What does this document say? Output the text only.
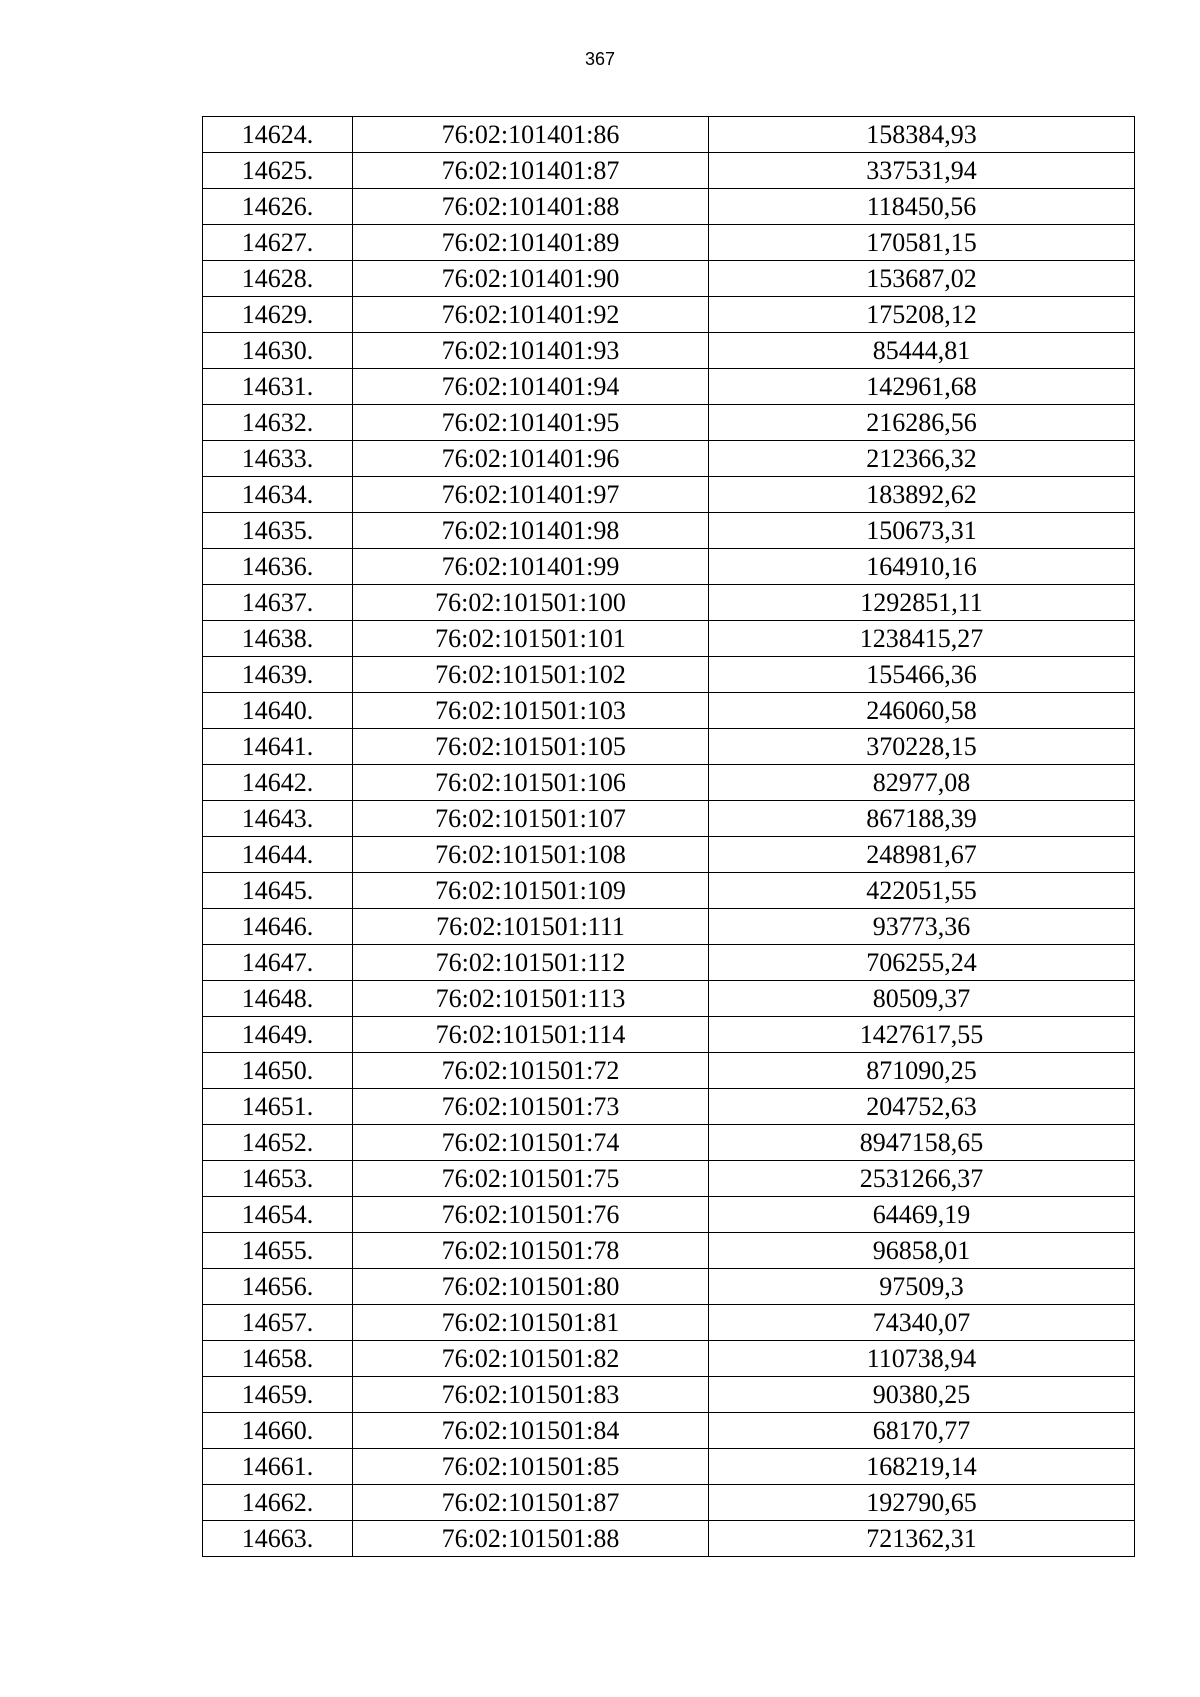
367
14624.	76:02:101401:86	158384,93
14625.	76:02:101401:87	337531,94
14626.	76:02:101401:88	118450,56
14627.	76:02:101401:89	170581,15
14628.	76:02:101401:90	153687,02
14629.	76:02:101401:92	175208,12
14630.	76:02:101401:93	85444,81
14631.	76:02:101401:94	142961,68
14632.	76:02:101401:95	216286,56
14633.	76:02:101401:96	212366,32
14634.	76:02:101401:97	183892,62
14635.	76:02:101401:98	150673,31
14636.	76:02:101401:99	164910,16
14637.	76:02:101501:100	1292851,11
14638.	76:02:101501:101	1238415,27
14639.	76:02:101501:102	155466,36
14640.	76:02:101501:103	246060,58
14641.	76:02:101501:105	370228,15
14642.	76:02:101501:106	82977,08
14643.	76:02:101501:107	867188,39
14644.	76:02:101501:108	248981,67
14645.	76:02:101501:109	422051,55
14646.	76:02:101501:111	93773,36
14647.	76:02:101501:112	706255,24
14648.	76:02:101501:113	80509,37
14649.	76:02:101501:114	1427617,55
14650.	76:02:101501:72	871090,25
14651.	76:02:101501:73	204752,63
14652.	76:02:101501:74	8947158,65
14653.	76:02:101501:75	2531266,37
14654.	76:02:101501:76	64469,19
14655.	76:02:101501:78	96858,01
14656.	76:02:101501:80	97509,3
14657.	76:02:101501:81	74340,07
14658.	76:02:101501:82	110738,94
14659.	76:02:101501:83	90380,25
14660.	76:02:101501:84	68170,77
14661.	76:02:101501:85	168219,14
14662.	76:02:101501:87	192790,65
14663.	76:02:101501:88	721362,31
